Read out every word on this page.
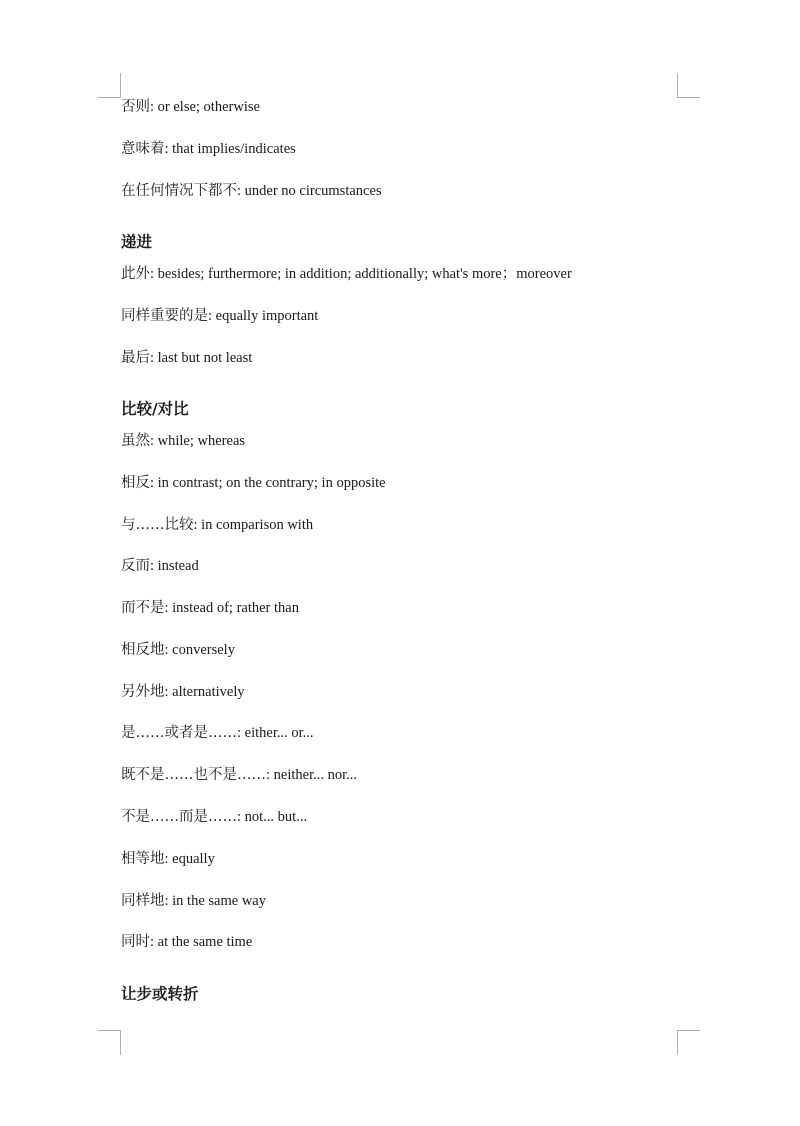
否则: or else; otherwise
意味着: that implies/indicates
在任何情况下都不: under no circumstances
递进
此外: besides; furthermore; in addition; additionally; what's more；moreover
同样重要的是: equally important
最后: last but not least
比较/对比
虽然: while; whereas
相反: in contrast; on the contrary; in opposite
与……比较: in comparison with
反而: instead
而不是: instead of; rather than
相反地: conversely
另外地: alternatively
是……或者是……: either... or...
既不是……也不是……: neither... nor...
不是……而是……: not... but...
相等地: equally
同样地: in the same way
同时: at the same time
让步或转折
